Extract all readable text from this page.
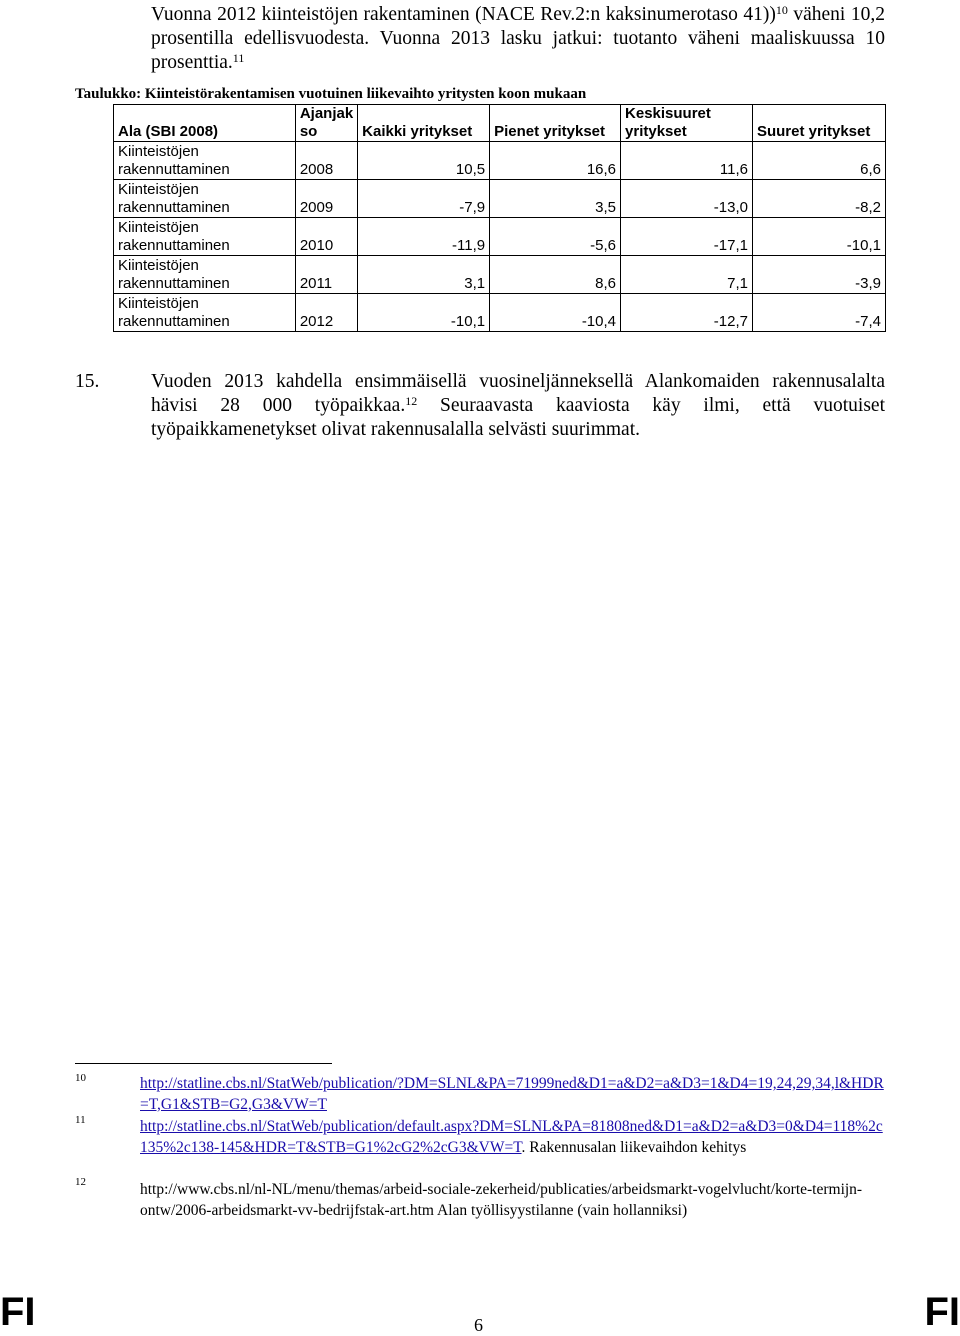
Vuonna 2012 kiinteistöjen rakentaminen (NACE Rev.2:n kaksinumerotaso 41))$^{10}$ väheni 10,2 prosentilla edellisvuodesta. Vuonna 2013 lasku jatkui: tuotanto väheni maaliskuussa 10 prosenttia.$^{11}$
Taulukko: Kiinteistörakentamisen vuotuinen liikevaihto yritysten koon mukaan
Ala (SBI 2008)	Ajanjak so	Kaikki yritykset	Pienet yritykset	Keskisuuret yritykset	Suuret yritykset
Kiinteistöjen rakennuttaminen	2008	10,5	16,6	11,6	6,6
Kiinteistöjen rakennuttaminen	2009	-7,9	3,5	-13,0	-8,2
Kiinteistöjen rakennuttaminen	2010	-11,9	-5,6	-17,1	-10,1
Kiinteistöjen rakennuttaminen	2011	3,1	8,6	7,1	-3,9
Kiinteistöjen rakennuttaminen	2012	-10,1	-10,4	-12,7	-7,4
15.	Vuoden 2013 kahdella ensimmäisellä vuosineljänneksellä Alankomaiden rakennusalalta hävisi 28 000 työpaikkaa.$^{12}$ Seuraavasta kaaviosta käy ilmi, että vuotuiset työpaikkamenetykset olivat rakennusalalla selvästi suurimmat.
10	http://statline.cbs.nl/StatWeb/publication/?DM=SLNL&PA=71999ned&D1=a&D2=a&D3=1&D4=19,24,29,34,l&HDR=T,G1&STB=G2,G3&VW=T
11	http://statline.cbs.nl/StatWeb/publication/default.aspx?DM=SLNL&PA=81808ned&D1=a&D2=a&D3=0&D4=118%2c135%2c138-145&HDR=T&STB=G1%2cG2%2cG3&VW=T. Rakennusalan liikevaihdon kehitys
12	http://www.cbs.nl/nl-NL/menu/themas/arbeid-sociale-zekerheid/publicaties/arbeidsmarkt-vogelvlucht/korte-termijn-ontw/2006-arbeidsmarkt-vv-bedrijfstak-art.htm Alan työllisyystilanne (vain hollanniksi)
FI	6	FI
